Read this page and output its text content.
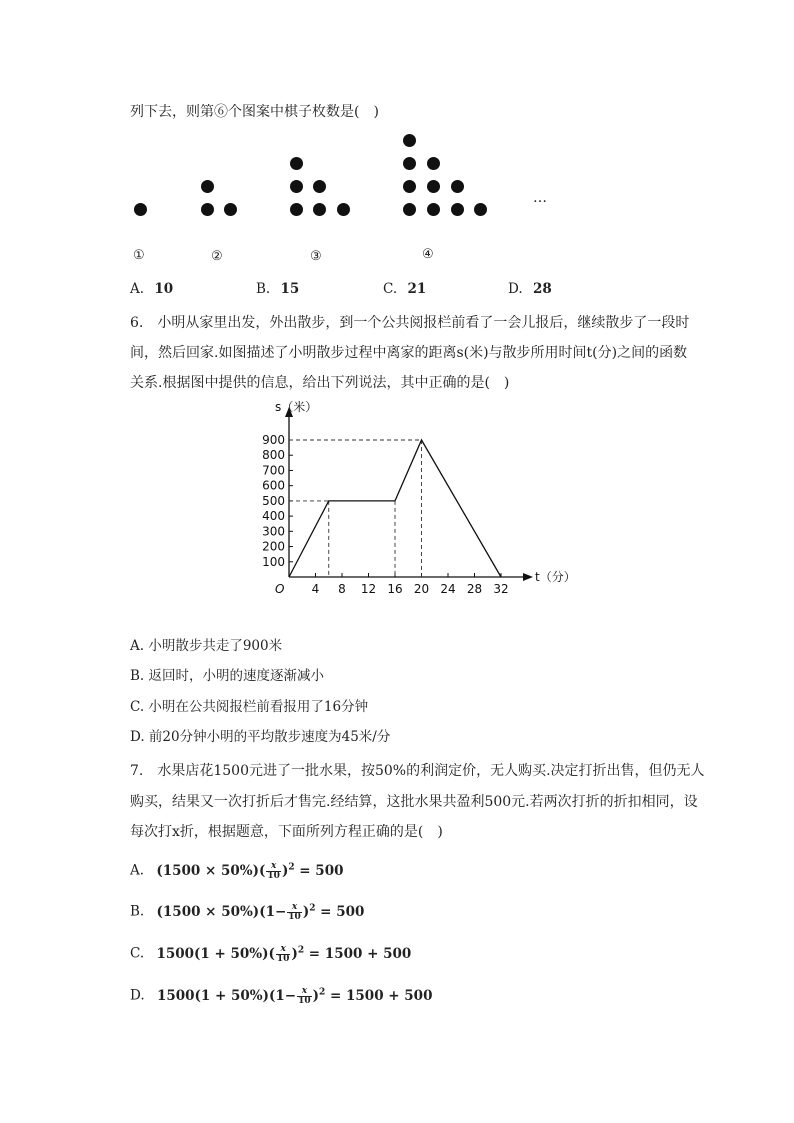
列下去，则第⑥个图案中棋子枚数是(　)
…
①	②	③	④
A. 10	B. 15	C. 21	D. 28
6.　小明从家里出发，外出散步，到一个公共阅报栏前看了一会儿报后，继续散步了一段时
间，然后回家.如图描述了小明散步过程中离家的距离s(米)与散步所用时间t(分)之间的函数
关系.根据图中提供的信息，给出下列说法，其中正确的是(　)
100
200
300
400
500
600
700
800
900
4 8 12 16 20 24 28 32
O
s（米）
t（分）
A. 小明散步共走了900米
B. 返回时，小明的速度逐渐减小
C. 小明在公共阅报栏前看报用了16分钟
D. 前20分钟小明的平均散步速度为45米/分
7.　水果店花1500元进了一批水果，按50%的利润定价，无人购买.决定打折出售，但仍无人
购买，结果又一次打折后才售完.经结算，这批水果共盈利500元.若两次打折的折扣相同，设
每次打x折，根据题意，下面所列方程正确的是(　)
A. $(1500 \times 50\%)( \frac{x}{10} )^2 = 500$
B. $(1500 \times 50\%)(1- \frac{x}{10} )^2 = 500$
C. $1500(1 + 50\%)( \frac{x}{10} )^2 = 1500 + 500$
D. $1500(1 + 50\%)(1- \frac{x}{10} )^2 = 1500 + 500$
